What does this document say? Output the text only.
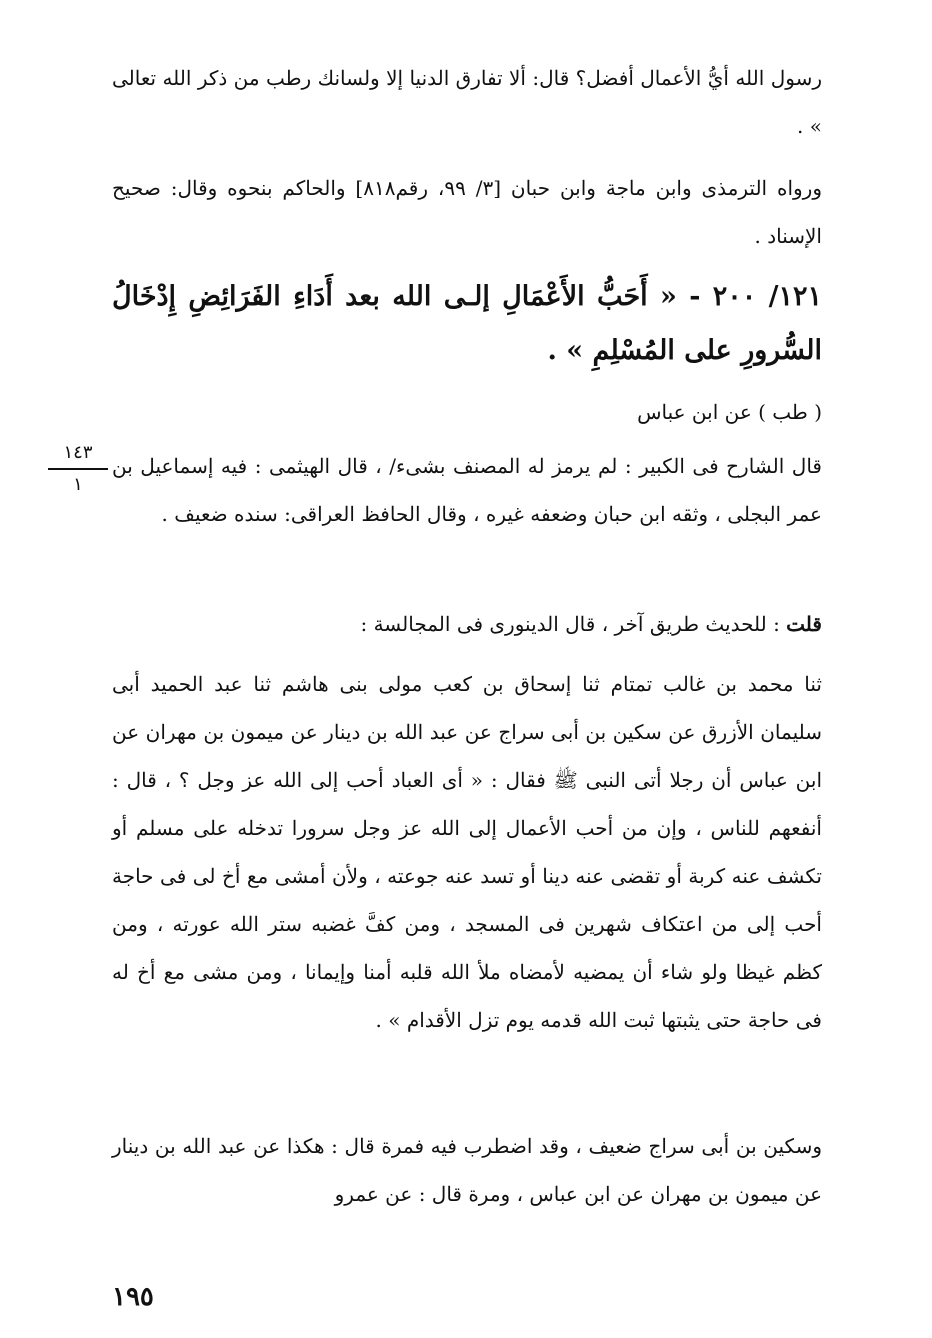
رسول الله أيُّ الأعمال أفضل؟ قال: ألا تفارق الدنيا إلا ولسانك رطب من ذكر الله تعالى » .

ورواه الترمذى وابن ماجة وابن حبان [٣/ ٩٩، رقم٨١٨] والحاكم بنحوه وقال: صحيح الإسناد .

١٢١/ ٢٠٠ - « أَحَبُّ الأَعْمَالِ إلـى الله بعد أَدَاءِ الفَرَائِضِ إِدْخَالُ السُّرورِ على المُسْلِمِ » .

( طب ) عن ابن عباس
١٤٣
١

قال الشارح فى الكبير : لم يرمز له المصنف بشىء/ ، قال الهيثمى : فيه إسماعيل بن عمر البجلى ، وثقه ابن حبان وضعفه غيره ، وقال الحافظ العراقى: سنده ضعيف .

قلت : للحديث طريق آخر ، قال الدينورى فى المجالسة :

ثنا محمد بن غالب تمتام ثنا إسحاق بن كعب مولى بنى هاشم ثنا عبد الحميد أبى سليمان الأزرق عن سكين بن أبى سراج عن عبد الله بن دينار عن ميمون بن مهران عن ابن عباس أن رجلا أتى النبى ﷺ فقال : « أى العباد أحب إلى الله عز وجل ؟ ، قال : أنفعهم للناس ، وإن من أحب الأعمال إلى الله عز وجل سرورا تدخله على مسلم أو تكشف عنه كربة أو تقضى عنه دينا أو تسد عنه جوعته ، ولأن أمشى مع أخ لى فى حاجة أحب إلى من اعتكاف شهرين فى المسجد ، ومن كفَّ غضبه ستر الله عورته ، ومن كظم غيظا ولو شاء أن يمضيه لأمضاه ملأ الله قلبه أمنا وإيمانا ، ومن مشى مع أخ له فى حاجة حتى يثبتها ثبت الله قدمه يوم تزل الأقدام » .

وسكين بن أبى سراج ضعيف ، وقد اضطرب فيه فمرة قال : هكذا عن عبد الله بن دينار عن ميمون بن مهران عن ابن عباس ، ومرة قال : عن عمرو

١٩٥
